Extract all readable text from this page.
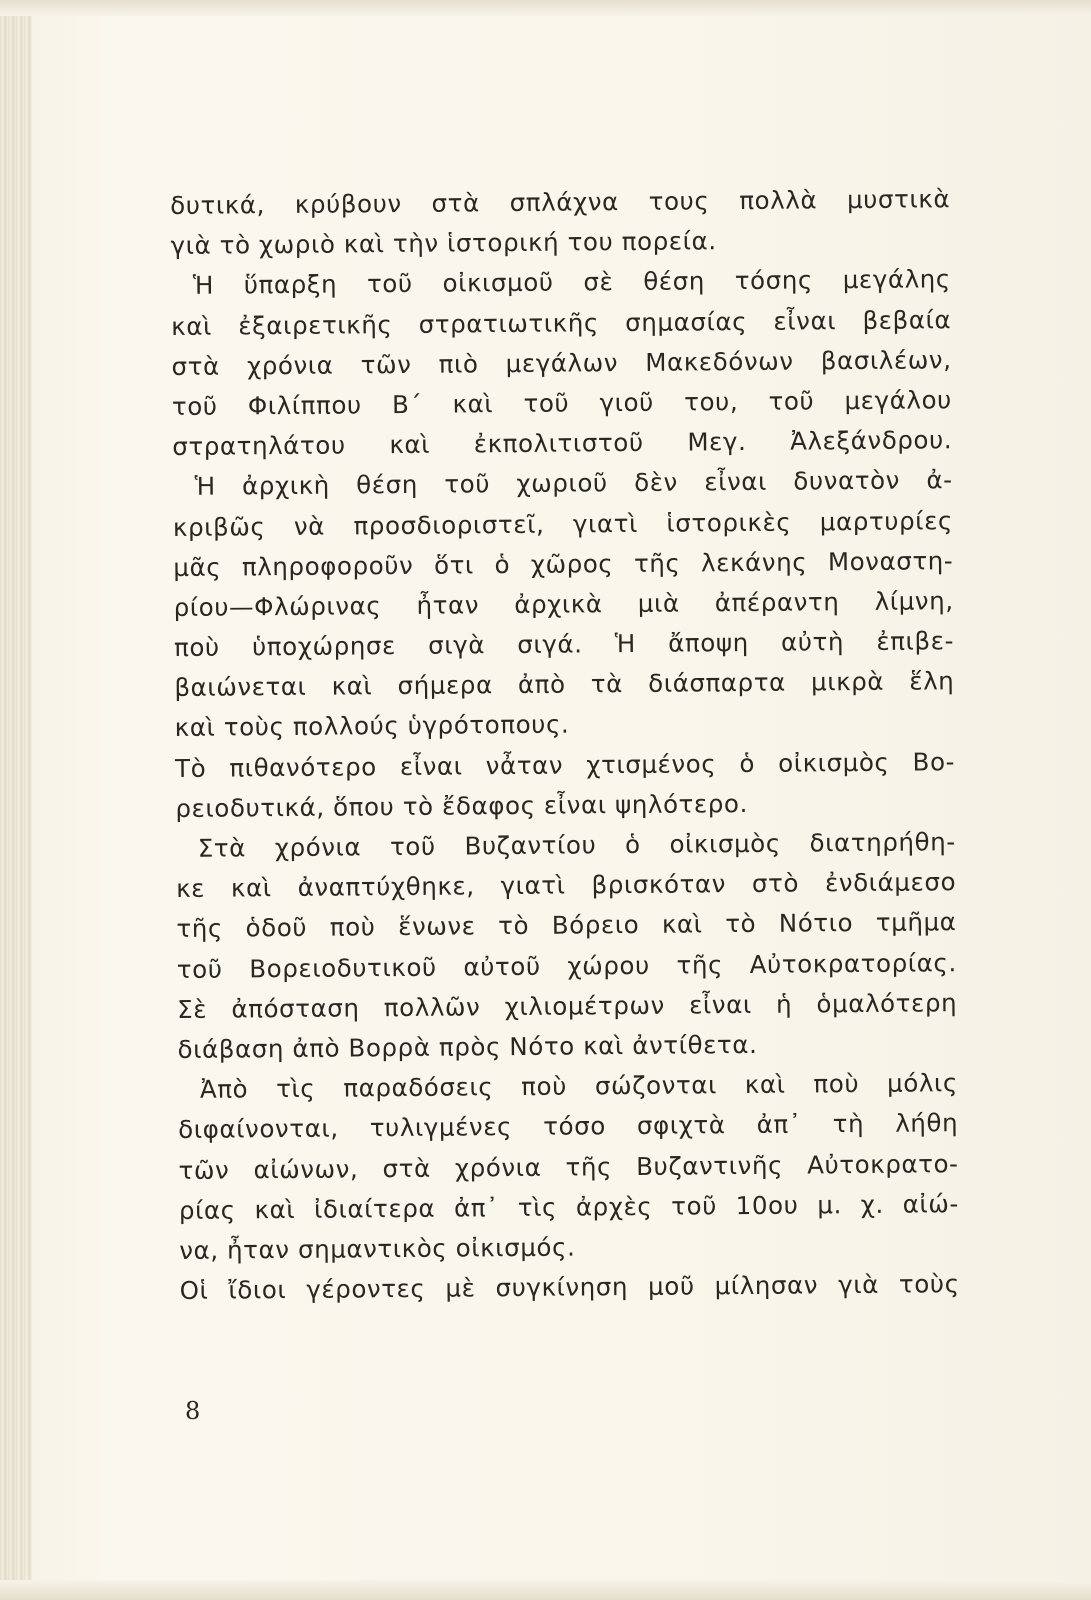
δυτικά, κρύβουν στὰ σπλάχνα τους πολλὰ μυστικὰ
γιὰ τὸ χωριὸ καὶ τὴν ἱστορική του πορεία.
Ἡ ὕπαρξη τοῦ οἰκισμοῦ σὲ θέση τόσης μεγάλης
καὶ ἐξαιρετικῆς στρατιωτικῆς σημασίας εἶναι βεβαία
στὰ χρόνια τῶν πιὸ μεγάλων Μακεδόνων βασιλέων,
τοῦ Φιλίππου Β΄ καὶ τοῦ γιοῦ του, τοῦ μεγάλου
στρατηλάτου καὶ ἐκπολιτιστοῦ Μεγ. Ἀλεξάνδρου.
Ἡ ἀρχικὴ θέση τοῦ χωριοῦ δὲν εἶναι δυνατὸν ἀ-
κριβῶς νὰ προσδιοριστεῖ, γιατὶ ἱστορικὲς μαρτυρίες
μᾶς πληροφοροῦν ὅτι ὁ χῶρος τῆς λεκάνης Μοναστη-
ρίου—Φλώρινας ἦταν ἀρχικὰ μιὰ ἀπέραντη λίμνη,
ποὺ ὑποχώρησε σιγὰ σιγά. Ἡ ἄποψη αὐτὴ ἐπιβε-
βαιώνεται καὶ σήμερα ἀπὸ τὰ διάσπαρτα μικρὰ ἕλη
καὶ τοὺς πολλούς ὑγρότοπους.
Τὸ πιθανότερο εἶναι νἆταν χτισμένος ὁ οἰκισμὸς Βο-
ρειοδυτικά, ὅπου τὸ ἔδαφος εἶναι ψηλότερο.
Στὰ χρόνια τοῦ Βυζαντίου ὁ οἰκισμὸς διατηρήθη-
κε καὶ ἀναπτύχθηκε, γιατὶ βρισκόταν στὸ ἐνδιάμεσο
τῆς ὁδοῦ ποὺ ἕνωνε τὸ Βόρειο καὶ τὸ Νότιο τμῆμα
τοῦ Βορειοδυτικοῦ αὐτοῦ χώρου τῆς Αὐτοκρατορίας.
Σὲ ἀπόσταση πολλῶν χιλιομέτρων εἶναι ἡ ὁμαλότερη
διάβαση ἀπὸ Βορρὰ πρὸς Νότο καὶ ἀντίθετα.
Ἀπὸ τὶς παραδόσεις ποὺ σώζονται καὶ ποὺ μόλις
διφαίνονται, τυλιγμένες τόσο σφιχτὰ ἀπ᾿ τὴ λήθη
τῶν αἰώνων, στὰ χρόνια τῆς Βυζαντινῆς Αὐτοκρατο-
ρίας καὶ ἰδιαίτερα ἀπ᾿ τὶς ἀρχὲς τοῦ 10ου μ. χ. αἰώ-
να, ἦταν σημαντικὸς οἰκισμός.
Οἱ ἴδιοι γέροντες μὲ συγκίνηση μοῦ μίλησαν γιὰ τοὺς
8
